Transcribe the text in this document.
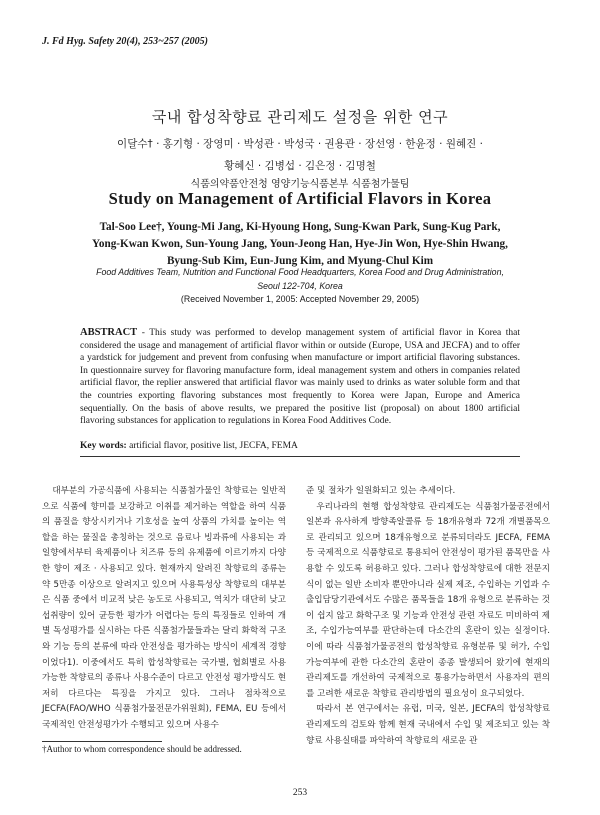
J. Fd Hyg. Safety 20(4), 253~257 (2005)
국내 합성착향료 관리제도 설정을 위한 연구
이달수† · 홍기형 · 장영미 · 박성관 · 박성국 · 권용관 · 장선영 · 한윤정 · 원혜진 ·
황혜신 · 김병섭 · 김은정 · 김명철
식품의약품안전청 영양기능식품본부 식품첨가물팀
Study on Management of Artificial Flavors in Korea
Tal-Soo Lee†, Young-Mi Jang, Ki-Hyoung Hong, Sung-Kwan Park, Sung-Kug Park,
Yong-Kwan Kwon, Sun-Young Jang, Youn-Jeong Han, Hye-Jin Won, Hye-Shin Hwang,
Byung-Sub Kim, Eun-Jung Kim, and Myung-Chul Kim
Food Additives Team, Nutrition and Functional Food Headquarters, Korea Food and Drug Administration,
Seoul 122-704, Korea
(Received November 1, 2005: Accepted November 29, 2005)
ABSTRACT - This study was performed to develop management system of artificial flavor in Korea that considered the usage and management of artificial flavor within or outside (Europe, USA and JECFA) and to offer a yardstick for judgement and prevent from confusing when manufacture or import artificial flavoring substances. In questionnaire survey for flavoring manufacture form, ideal management system and others in companies related artificial flavor, the replier answered that artificial flavor was mainly used to drinks as water soluble form and that the countries exporting flavoring substances most frequently to Korea were Japan, Europe and America sequentially. On the basis of above results, we prepared the positive list (proposal) on about 1800 artificial flavoring substances for application to regulations in Korea Food Additives Code.
Key words: artificial flavor, positive list, JECFA, FEMA

대부분의 가공식품에 사용되는 식품첨가물인 착향료는 일반적으로 식품에 향미를 보강하고 이취를 제거하는 역할을 하여 식품의 품질을 향상시키거나 기호성을 높여 상품의 가치를 높이는 역할을 하는 물질을 총칭하는 것으로 음료나 빙과류에 사용되는 과일향에서부터 육제품이나 치즈류 등의 유제품에 이르기까지 다양한 향이 제조 · 사용되고 있다. 현재까지 알려진 착향료의 종류는 약 5만종 이상으로 알려지고 있으며 사용특성상 착향료의 대부분은 식품 중에서 비교적 낮은 농도로 사용되고, 역치가 대단히 낮고 섭취량이 있어 균등한 평가가 어렵다는 등의 특징들로 인하여 개별 독성평가를 실시하는 다른 식품첨가물들과는 달리 화학적 구조와 기능 등의 분류에 따라 안전성을 평가하는 방식이 세계적 경향이었다1). 이중에서도 특히 합성착향료는 국가별, 협회별로 사용가능한 착향료의 종류나 사용수준이 다르고 안전성 평가방식도 현저히 다르다는 특징을 가지고 있다. 그러나 점차적으로 JECFA(FAO/WHO 식품첨가물전문가위원회), FEMA, EU 등에서 국제적인 안전성평가가 수행되고 있으며 사용수

준 및 절차가 일원화되고 있는 추세이다.

우리나라의 현행 합성착향료 관리제도는 식품첨가물공전에서 일본과 유사하게 방향족알콜류 등 18개유형과 72개 개별품목으로 관리되고 있으며 18개유형으로 분류되더라도 JECFA, FEMA 등 국제적으로 식품향료로 통용되어 안전성이 평가된 품목만을 사용할 수 있도록 허용하고 있다. 그러나 합성착향료에 대한 전문지식이 없는 일반 소비자 뿐만아니라 실제 제조, 수입하는 기업과 수출입담당기관에서도 수많은 품목들을 18개 유형으로 분류하는 것이 쉽지 않고 화학구조 및 기능과 안전성 관련 자료도 미비하여 제조, 수입가능여부를 판단하는데 다소간의 혼란이 있는 실정이다. 이에 따라 식품첨가물공전의 합성착향료 유형분류 및 허가, 수입 가능여부에 관한 다소간의 혼란이 종종 발생되어 왔기에 현재의 관리제도를 개선하여 국제적으로 통용가능하면서 사용자의 편의를 고려한 새로운 착향료 관리방법의 필요성이 요구되었다.

따라서 본 연구에서는 유럽, 미국, 일본, JECFA의 합성착향료 관리제도의 검토와 함께 현재 국내에서 수입 및 제조되고 있는 착향료 사용실태를 파악하여 착향료의 새로운 관

†Author to whom correspondence should be addressed.
253
